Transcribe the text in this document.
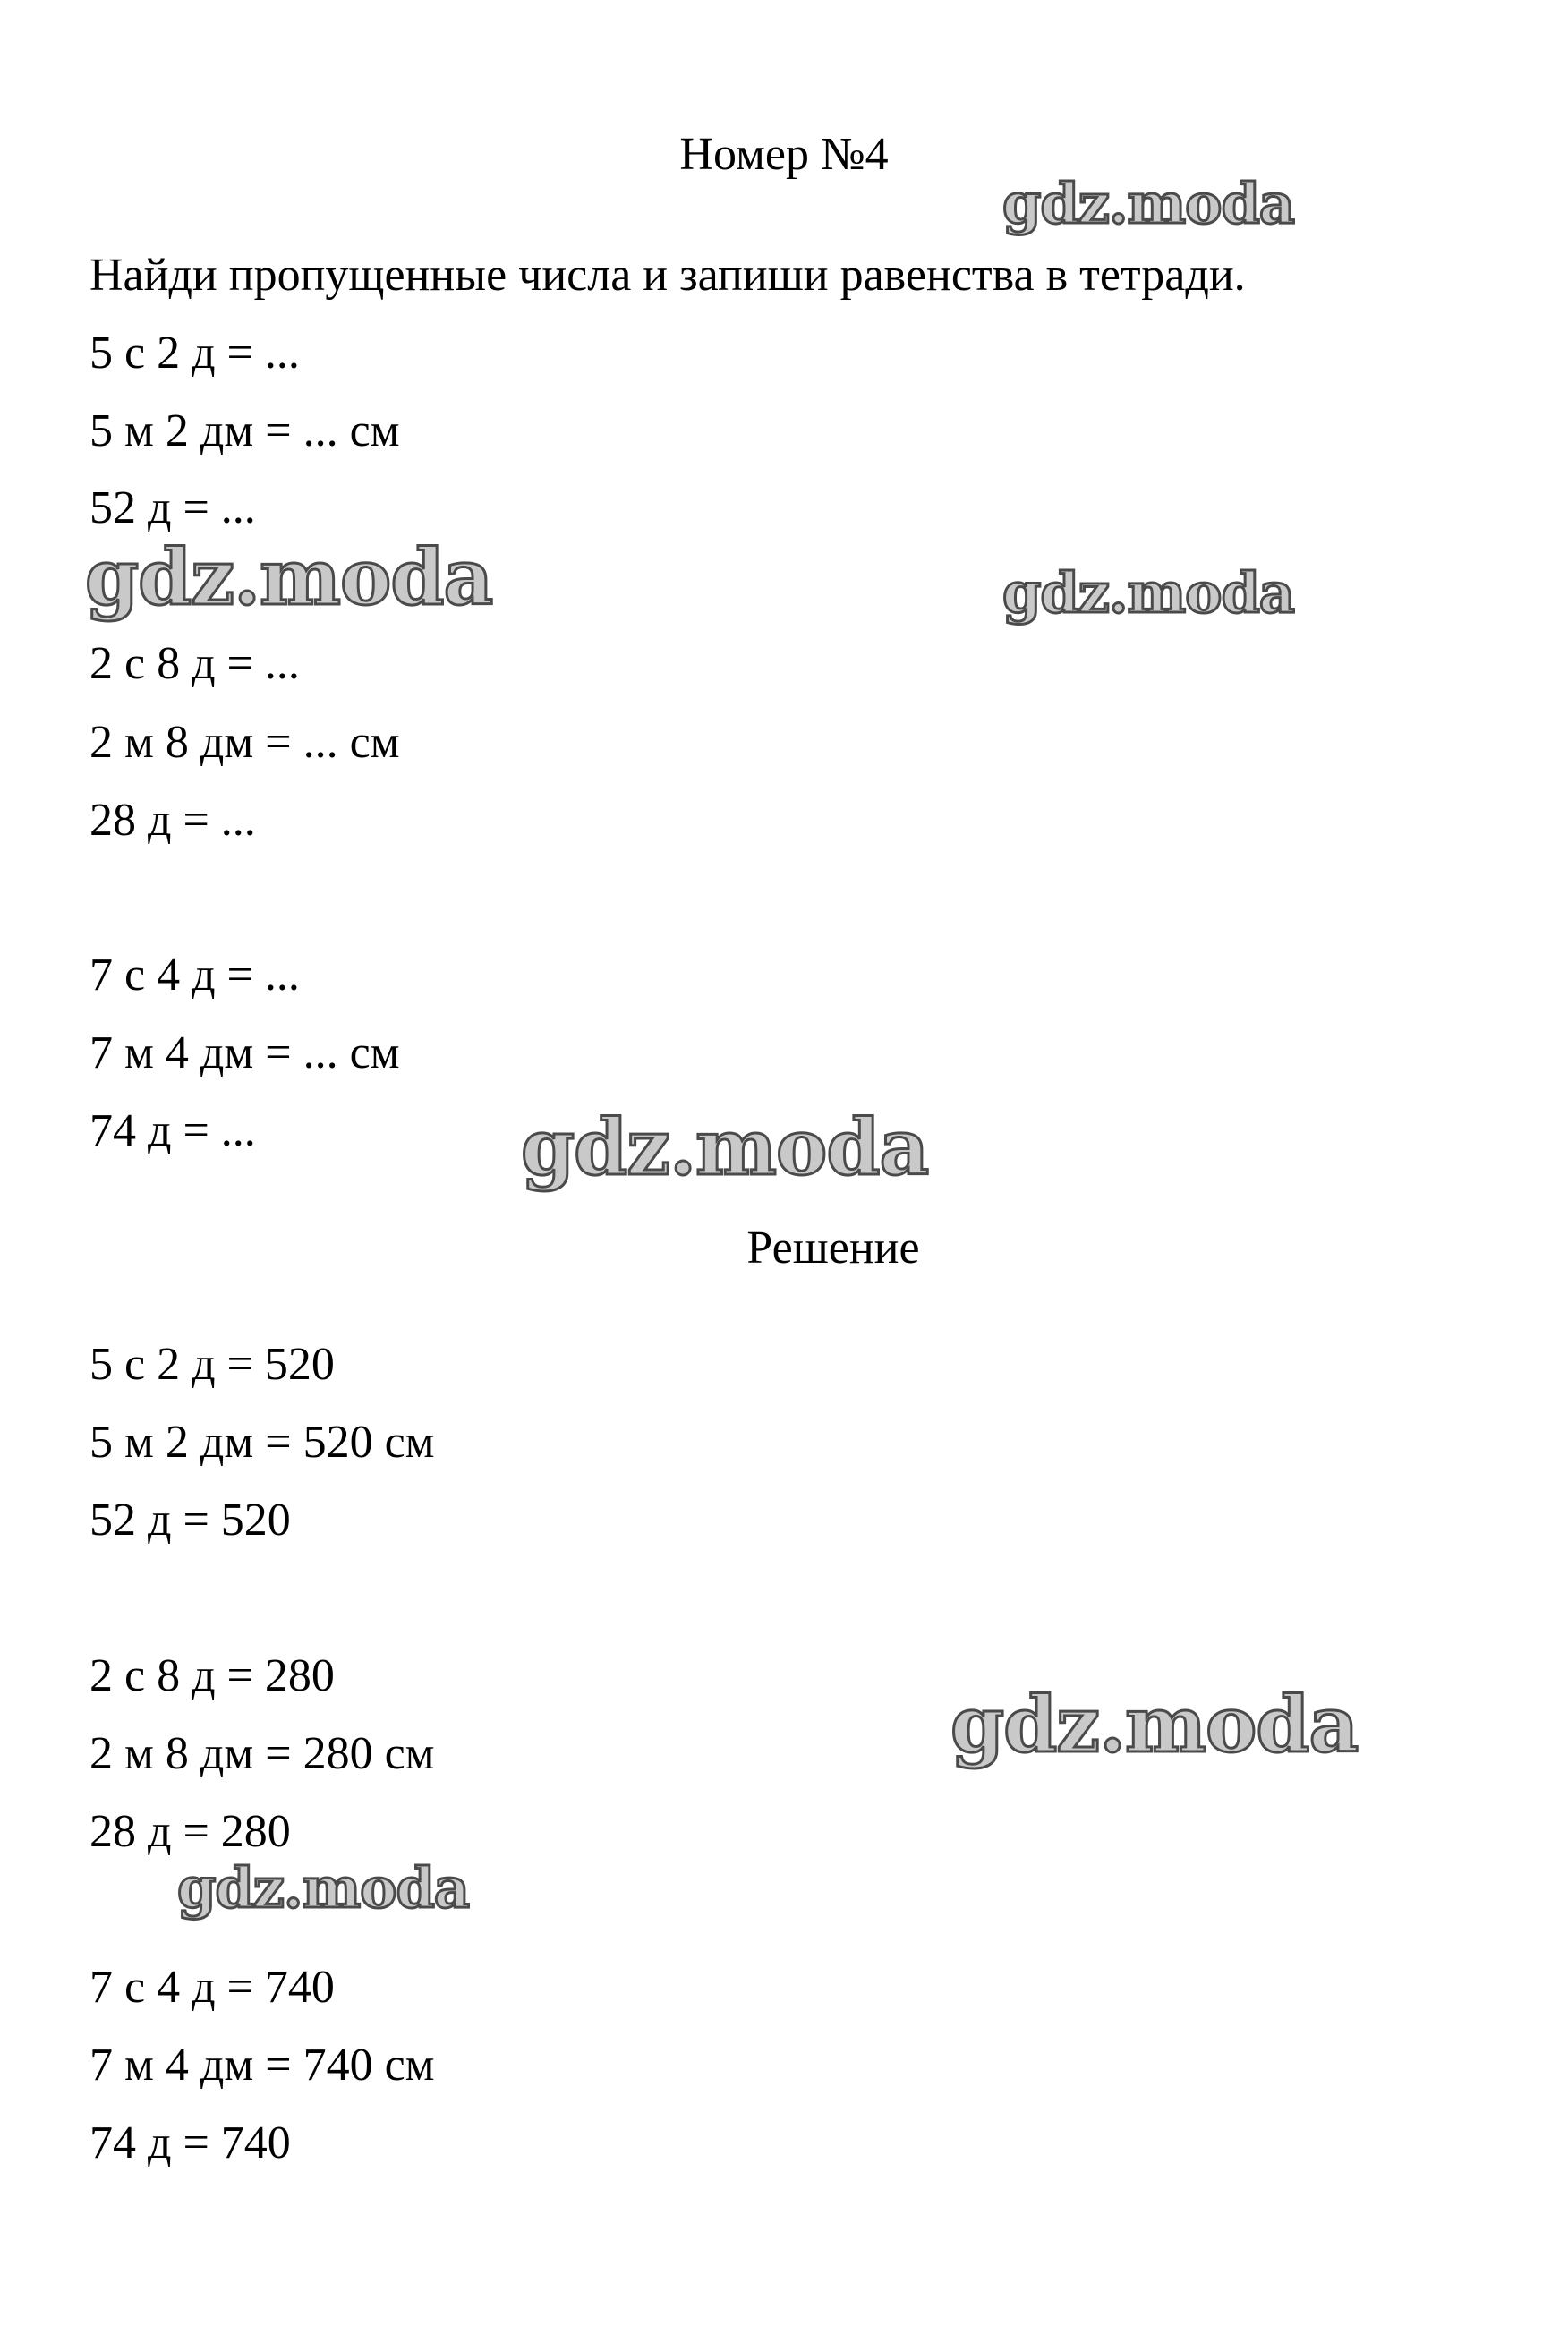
Номер №4
Найди пропущенные числа и запиши равенства в тетради.
5 с 2 д = ...
5 м 2 дм = ... см
52 д = ...
2 с 8 д = ...
2 м 8 дм = ... см
28 д = ...
7 с 4 д = ...
7 м 4 дм = ... см
74 д = ...
Решение
5 с 2 д = 520
5 м 2 дм = 520 см
52 д = 520
2 с 8 д = 280
2 м 8 дм = 280 см
28 д = 280
7 с 4 д = 740
7 м 4 дм = 740 см
74 д = 740
gdz.moda
gdz.moda	gdz.moda
gdz.moda
gdz.moda
gdz.moda
